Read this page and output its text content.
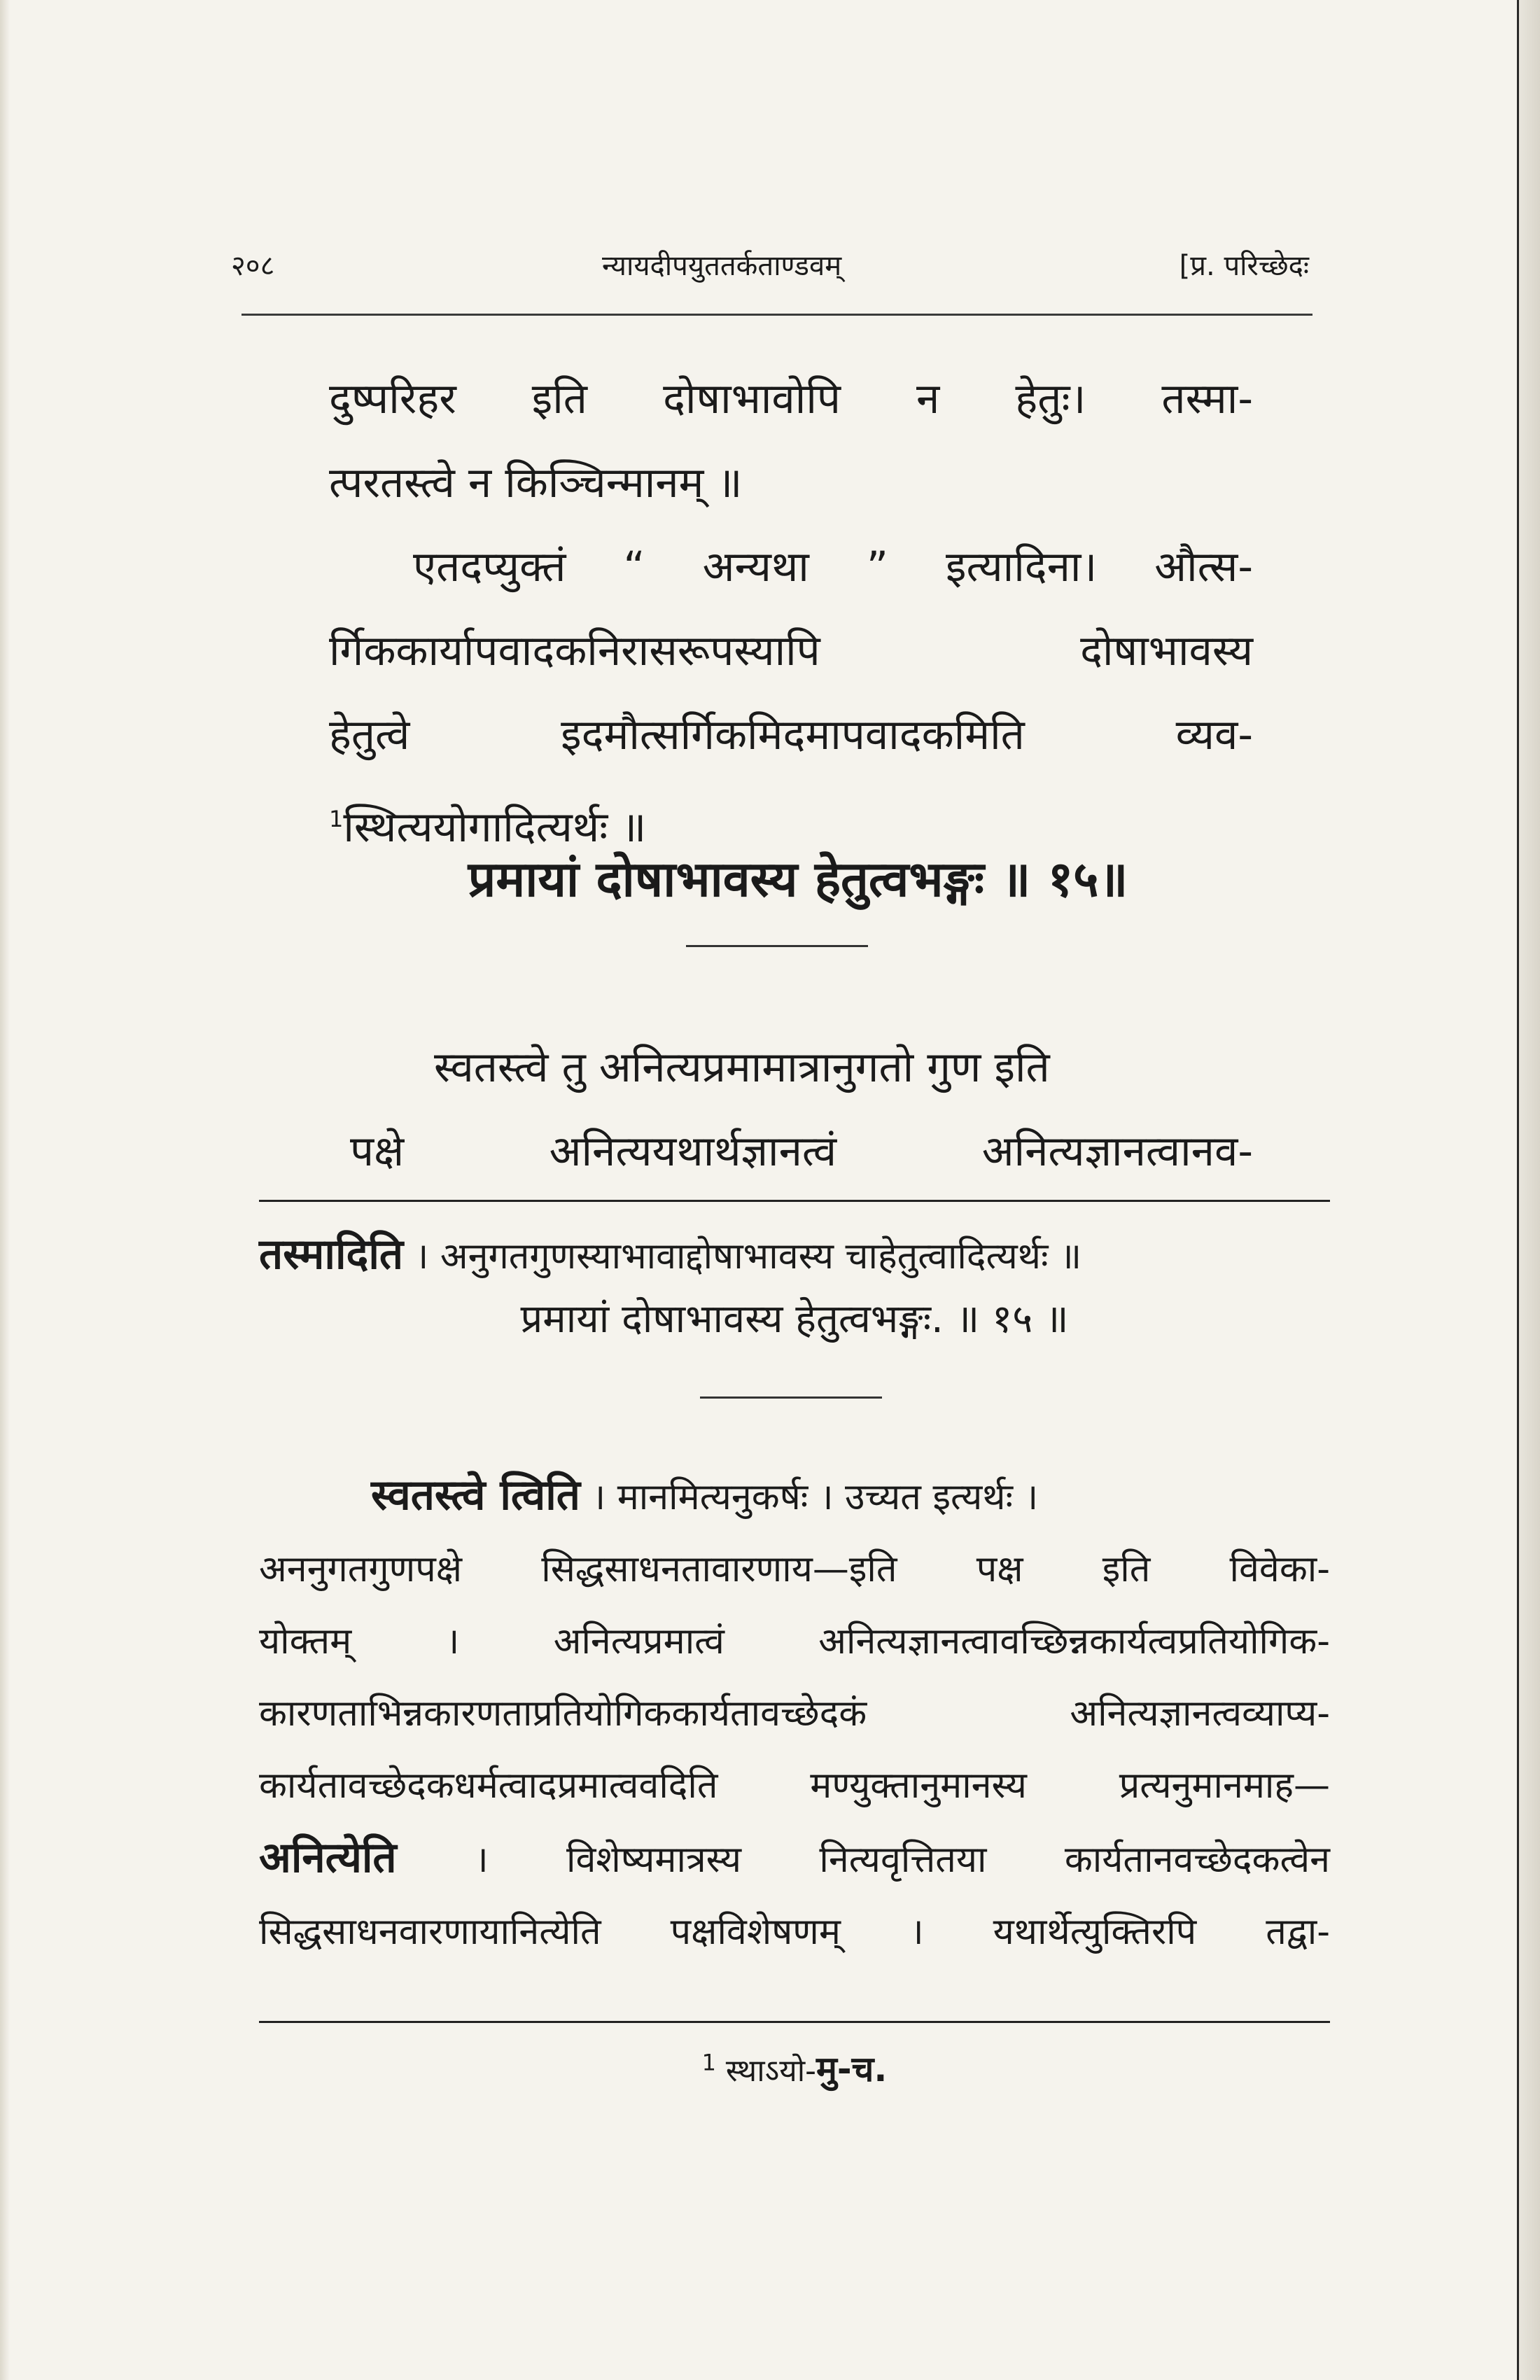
२०८	न्यायदीपयुततर्कताण्डवम्	[प्र. परिच्छेदः

दुष्परिहर इति दोषाभावोपि न हेतुः। तस्मा-

त्परतस्त्वे न किञ्चिन्मानम् ॥

एतदप्युक्तं “ अन्यथा ” इत्यादिना। औत्स-

र्गिककार्यापवादकनिरासरूपस्यापि दोषाभावस्य

हेतुत्वे इदमौत्सर्गिकमिदमापवादकमिति व्यव-

$^1$स्थित्ययोगादित्यर्थः ॥

प्रमायां दोषाभावस्य हेतुत्वभङ्गः ॥ १५॥

स्वतस्त्वे तु अनित्यप्रमामात्रानुगतो गुण इति

पक्षे अनित्ययथार्थज्ञानत्वं अनित्यज्ञानत्वानव-

तस्मादिति । अनुगतगुणस्याभावाद्दोषाभावस्य चाहेतुत्वादित्यर्थः ॥

प्रमायां दोषाभावस्य हेतुत्वभङ्गः. ॥ १५ ॥

स्वतस्त्वे त्विति । मानमित्यनुकर्षः । उच्यत इत्यर्थः ।

अननुगतगुणपक्षे सिद्धसाधनतावारणाय—इति पक्ष इति विवेका-

योक्तम् । अनित्यप्रमात्वं अनित्यज्ञानत्वावच्छिन्नकार्यत्वप्रतियोगिक-

कारणताभिन्नकारणताप्रतियोगिककार्यतावच्छेदकं अनित्यज्ञानत्वव्याप्य-

कार्यतावच्छेदकधर्मत्वादप्रमात्ववदिति मण्युक्तानुमानस्य प्रत्यनुमानमाह—

अनित्येति । विशेष्यमात्रस्य नित्यवृत्तितया कार्यतानवच्छेदकत्वेन

सिद्धसाधनवारणायानित्येति पक्षविशेषणम् । यथार्थेत्युक्तिरपि तद्वा-

$^1$ स्थाऽयो-मु-च.
